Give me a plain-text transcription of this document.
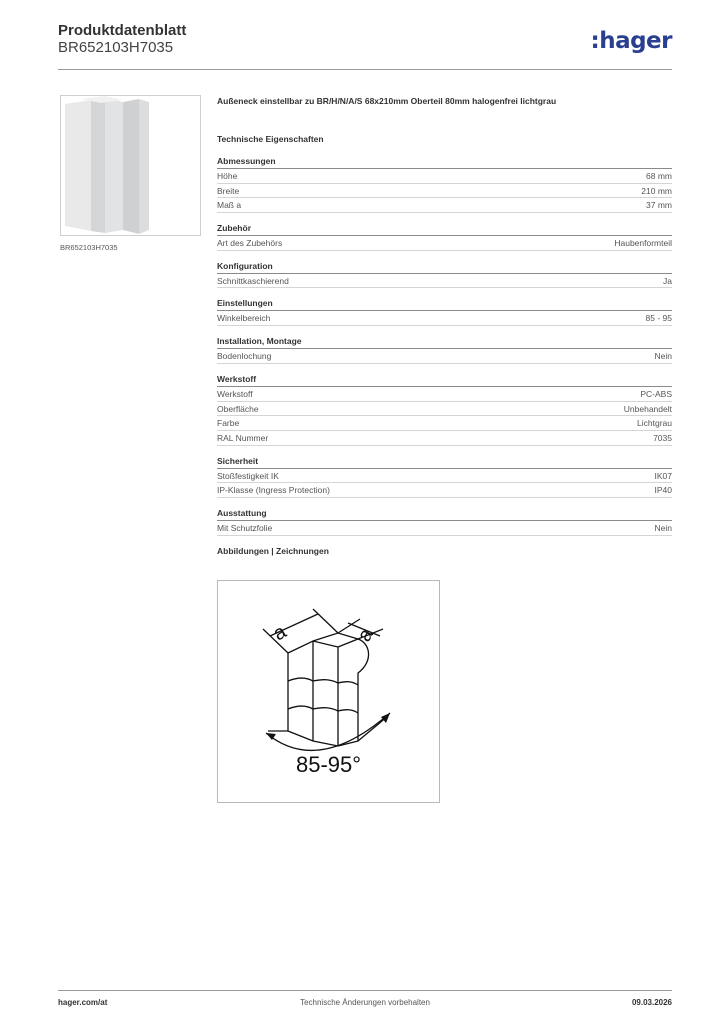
Produktdatenblatt
BR652103H7035	:hager
BR652103H7035
Außeneck einstellbar zu BR/H/N/A/S 68x210mm Oberteil 80mm halogenfrei lichtgrau
Technische Eigenschaften
Abmessungen
Höhe	68 mm
Breite	210 mm
Maß a	37 mm
Zubehör
Art des Zubehörs	Haubenformteil
Konfiguration
Schnittkaschierend	Ja
Einstellungen
Winkelbereich	85 - 95
Installation, Montage
Bodenlochung	Nein
Werkstoff
Werkstoff	PC-ABS
Oberfläche	Unbehandelt
Farbe	Lichtgrau
RAL Nummer	7035
Sicherheit
Stoßfestigkeit IK	IK07
IP-Klasse (Ingress Protection)	IP40
Ausstattung
Mit Schutzfolie	Nein
Abbildungen | Zeichnungen
a	a
85-95°
hager.com/at	Technische Änderungen vorbehalten	09.03.2026
